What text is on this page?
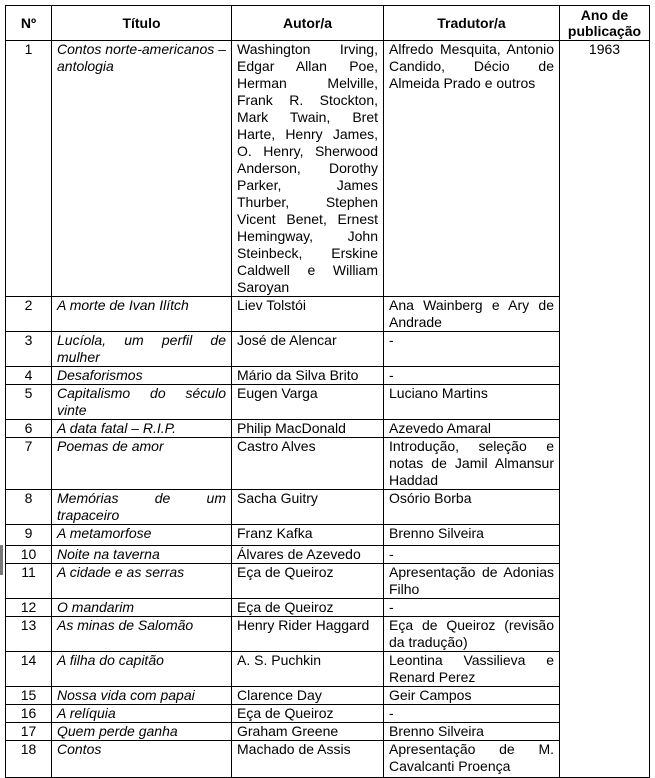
Nº	Título	Autor/a	Tradutor/a	Ano de publicação
1	Contos norte-americanos – antologia	Washington Irving, Edgar Allan Poe, Herman Melville, Frank R. Stockton, Mark Twain, Bret Harte, Henry James, O. Henry, Sherwood Anderson, Dorothy Parker, James Thurber, Stephen Vicent Benet, Ernest Hemingway, John Steinbeck, Erskine Caldwell e William Saroyan	Alfredo Mesquita, Antonio Candido, Décio de Almeida Prado e outros	1963
2	A morte de Ivan Ilítch	Liev Tolstói	Ana Wainberg e Ary de Andrade	
3	Lucíola, um perfil de mulher	José de Alencar	-	
4	Desaforismos	Mário da Silva Brito	-	
5	Capitalismo do século vinte	Eugen Varga	Luciano Martins	
6	A data fatal – R.I.P.	Philip MacDonald	Azevedo Amaral	
7	Poemas de amor	Castro Alves	Introdução, seleção e notas de Jamil Almansur Haddad	
8	Memórias de um trapaceiro	Sacha Guitry	Osório Borba	
9	A metamorfose	Franz Kafka	Brenno Silveira	
10	Noite na taverna	Álvares de Azevedo	-	
11	A cidade e as serras	Eça de Queiroz	Apresentação de Adonias Filho	
12	O mandarim	Eça de Queiroz	-	
13	As minas de Salomão	Henry Rider Haggard	Eça de Queiroz (revisão da tradução)	
14	A filha do capitão	A. S. Puchkin	Leontina Vassilieva e Renard Perez	
15	Nossa vida com papai	Clarence Day	Geir Campos	
16	A relíquia	Eça de Queiroz	-	
17	Quem perde ganha	Graham Greene	Brenno Silveira	
18	Contos	Machado de Assis	Apresentação de M. Cavalcanti Proença	
